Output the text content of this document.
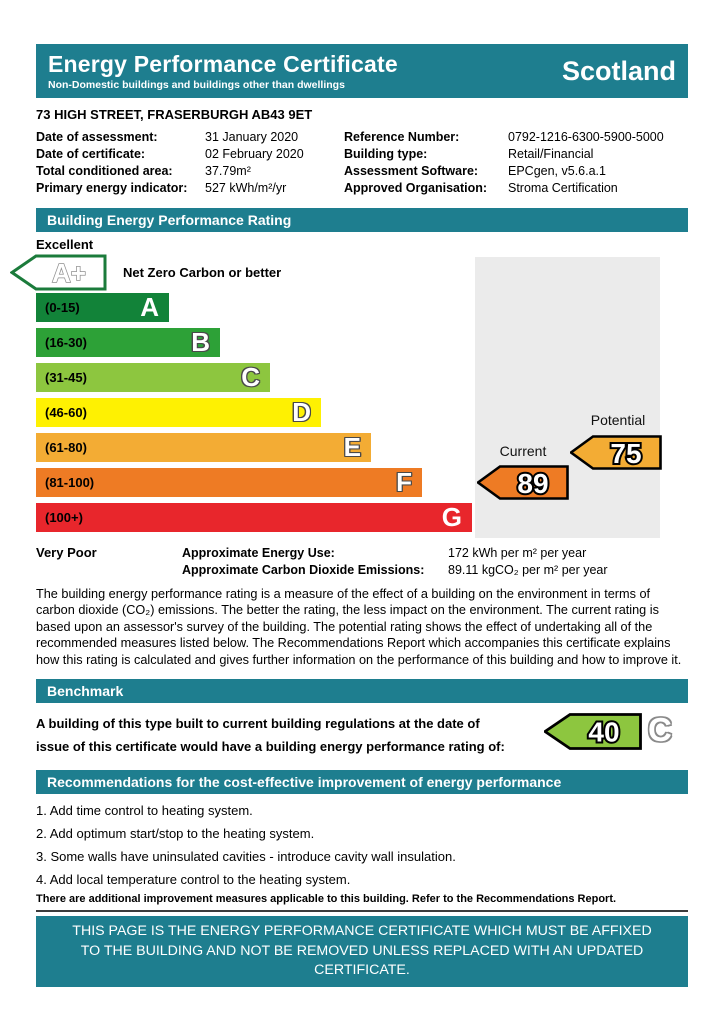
Energy Performance Certificate
Non-Domestic buildings and buildings other than dwellings	Scotland
73 HIGH STREET, FRASERBURGH AB43 9ET
Date of assessment:	31 January 2020
Date of certificate:	02 February 2020
Total conditioned area:	37.79m²
Primary energy indicator:	527 kWh/m²/yr
Reference Number:	0792-1216-6300-5900-5000
Building type:	Retail/Financial
Assessment Software:	EPCgen, v5.6.a.1
Approved Organisation:	Stroma Certification
Building Energy Performance Rating
Excellent
A+	Net Zero Carbon or better
(0-15) A
(16-30)	B
(31-45)	C
(46-60)	D
(61-80)	E
(81-100)	F
(100+)	G
Potential
75
Current
89
Very Poor	Approximate Energy Use:	172 kWh per m² per year
Approximate Carbon Dioxide Emissions:	89.11 kgCO₂ per m² per year
The building energy performance rating is a measure of the effect of a building on the environment in terms of carbon dioxide (CO₂) emissions. The better the rating, the less impact on the environment. The current rating is based upon an assessor's survey of the building. The potential rating shows the effect of undertaking all of the recommended measures listed below. The Recommendations Report which accompanies this certificate explains how this rating is calculated and gives further information on the performance of this building and how to improve it.
Benchmark
A building of this type built to current building regulations at the date of
issue of this certificate would have a building energy performance rating of:	40 C
Recommendations for the cost-effective improvement of energy performance
1. Add time control to heating system.
2. Add optimum start/stop to the heating system.
3. Some walls have uninsulated cavities - introduce cavity wall insulation.
4. Add local temperature control to the heating system.
There are additional improvement measures applicable to this building. Refer to the Recommendations Report.
THIS PAGE IS THE ENERGY PERFORMANCE CERTIFICATE WHICH MUST BE AFFIXED TO THE BUILDING AND NOT BE REMOVED UNLESS REPLACED WITH AN UPDATED CERTIFICATE.
